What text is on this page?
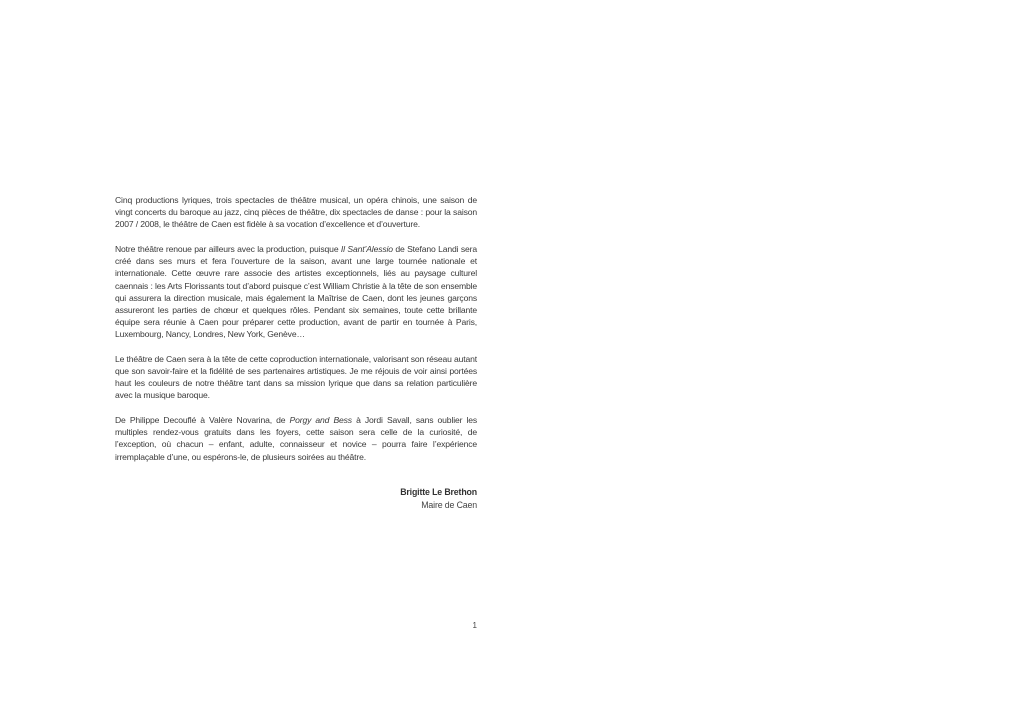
Cinq productions lyriques, trois spectacles de théâtre musical, un opéra chinois, une saison de vingt concerts du baroque au jazz, cinq pièces de théâtre, dix spectacles de danse : pour la saison 2007 / 2008, le théâtre de Caen est fidèle à sa vocation d’excellence et d’ouverture.

Notre théâtre renoue par ailleurs avec la production, puisque Il Sant’Alessio de Stefano Landi sera créé dans ses murs et fera l’ouverture de la saison, avant une large tournée nationale et internationale. Cette œuvre rare associe des artistes exceptionnels, liés au paysage culturel caennais : les Arts Florissants tout d’abord puisque c’est William Christie à la tête de son ensemble qui assurera la direction musicale, mais également la Maîtrise de Caen, dont les jeunes garçons assureront les parties de chœur et quelques rôles. Pendant six semaines, toute cette brillante équipe sera réunie à Caen pour préparer cette production, avant de partir en tournée à Paris, Luxembourg, Nancy, Londres, New York, Genève…

Le théâtre de Caen sera à la tête de cette coproduction internationale, valorisant son réseau autant que son savoir-faire et la fidélité de ses partenaires artistiques. Je me réjouis de voir ainsi portées haut les couleurs de notre théâtre tant dans sa mission lyrique que dans sa relation particulière avec la musique baroque.

De Philippe Decouflé à Valère Novarina, de Porgy and Bess à Jordi Savall, sans oublier les multiples rendez-vous gratuits dans les foyers, cette saison sera celle de la curiosité, de l’exception, où chacun – enfant, adulte, connaisseur et novice – pourra faire l’expérience irremplaçable d’une, ou espérons-le, de plusieurs soirées au théâtre.

Brigitte Le Brethon
Maire de Caen
1
